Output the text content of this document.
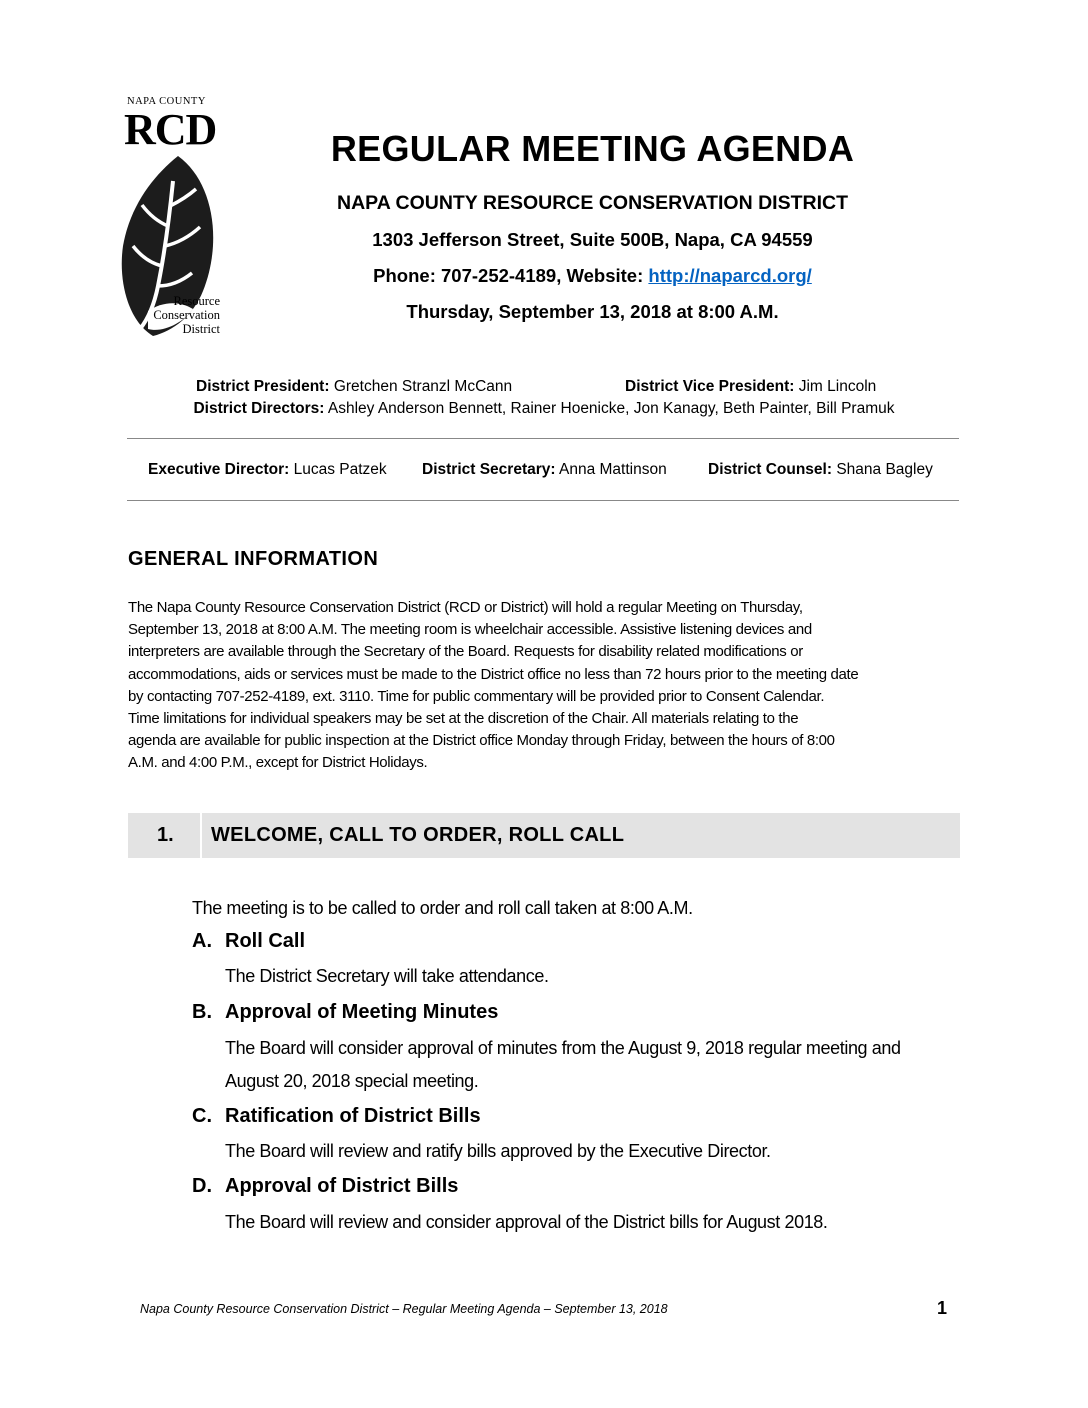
NAPA COUNTY
RCD
Resource
Conservation
District
REGULAR MEETING AGENDA
NAPA COUNTY RESOURCE CONSERVATION DISTRICT
1303 Jefferson Street, Suite 500B, Napa, CA 94559
Phone: 707-252-4189, Website: http://naparcd.org/
Thursday, September 13, 2018 at 8:00 A.M.
District President: Gretchen Stranzl McCann	District Vice President: Jim Lincoln
District Directors: Ashley Anderson Bennett, Rainer Hoenicke, Jon Kanagy, Beth Painter, Bill Pramuk
Executive Director: Lucas Patzek District Secretary: Anna Mattinson	District Counsel: Shana Bagley
GENERAL INFORMATION
The Napa County Resource Conservation District (RCD or District) will hold a regular Meeting on Thursday,
September 13, 2018 at 8:00 A.M. The meeting room is wheelchair accessible. Assistive listening devices and
interpreters are available through the Secretary of the Board. Requests for disability related modifications or
accommodations, aids or services must be made to the District office no less than 72 hours prior to the meeting date
by contacting 707-252-4189, ext. 3110. Time for public commentary will be provided prior to Consent Calendar.
Time limitations for individual speakers may be set at the discretion of the Chair. All materials relating to the
agenda are available for public inspection at the District office Monday through Friday, between the hours of 8:00
A.M. and 4:00 P.M., except for District Holidays.
1. WELCOME, CALL TO ORDER, ROLL CALL
The meeting is to be called to order and roll call taken at 8:00 A.M.
A. Roll Call
The District Secretary will take attendance.
B. Approval of Meeting Minutes
The Board will consider approval of minutes from the August 9, 2018 regular meeting and
August 20, 2018 special meeting.
C. Ratification of District Bills
The Board will review and ratify bills approved by the Executive Director.
D. Approval of District Bills
The Board will review and consider approval of the District bills for August 2018.
Napa County Resource Conservation District – Regular Meeting Agenda – September 13, 2018	1
